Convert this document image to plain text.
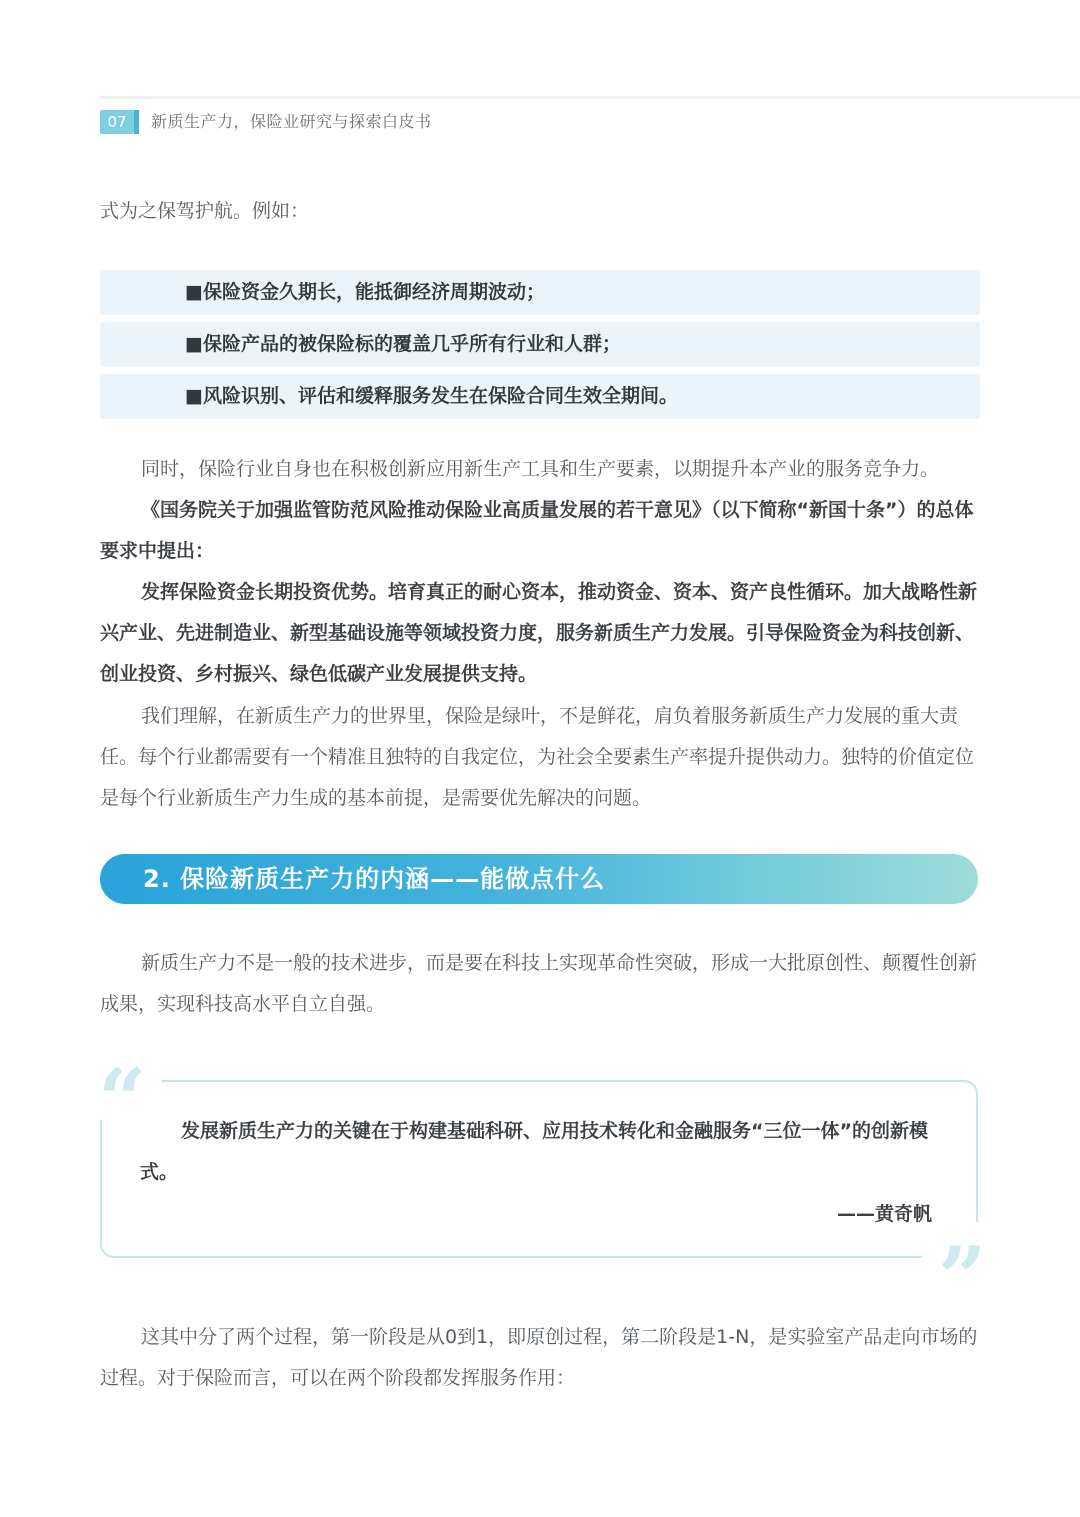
07	新质生产力，保险业研究与探索白皮书

式为之保驾护航。例如：

■保险资金久期长，能抵御经济周期波动；
■保险产品的被保险标的覆盖几乎所有行业和人群；
■风险识别、评估和缓释服务发生在保险合同生效全期间。

同时，保险行业自身也在积极创新应用新生产工具和生产要素，以期提升本产业的服务竞争力。

《国务院关于加强监管防范风险推动保险业高质量发展的若干意见》（以下简称“新国十条”）的总体要求中提出：

发挥保险资金长期投资优势。培育真正的耐心资本，推动资金、资本、资产良性循环。加大战略性新兴产业、先进制造业、新型基础设施等领域投资力度，服务新质生产力发展。引导保险资金为科技创新、创业投资、乡村振兴、绿色低碳产业发展提供支持。

我们理解，在新质生产力的世界里，保险是绿叶，不是鲜花，肩负着服务新质生产力发展的重大责任。每个行业都需要有一个精准且独特的自我定位，为社会全要素生产率提升提供动力。独特的价值定位是每个行业新质生产力生成的基本前提，是需要优先解决的问题。

2. 保险新质生产力的内涵——能做点什么

新质生产力不是一般的技术进步，而是要在科技上实现革命性突破，形成一大批原创性、颠覆性创新成果，实现科技高水平自立自强。

“
”

发展新质生产力的关键在于构建基础科研、应用技术转化和金融服务“三位一体”的创新模式。

——黄奇帆

这其中分了两个过程，第一阶段是从0到1，即原创过程，第二阶段是1-N，是实验室产品走向市场的过程。对于保险而言，可以在两个阶段都发挥服务作用：
